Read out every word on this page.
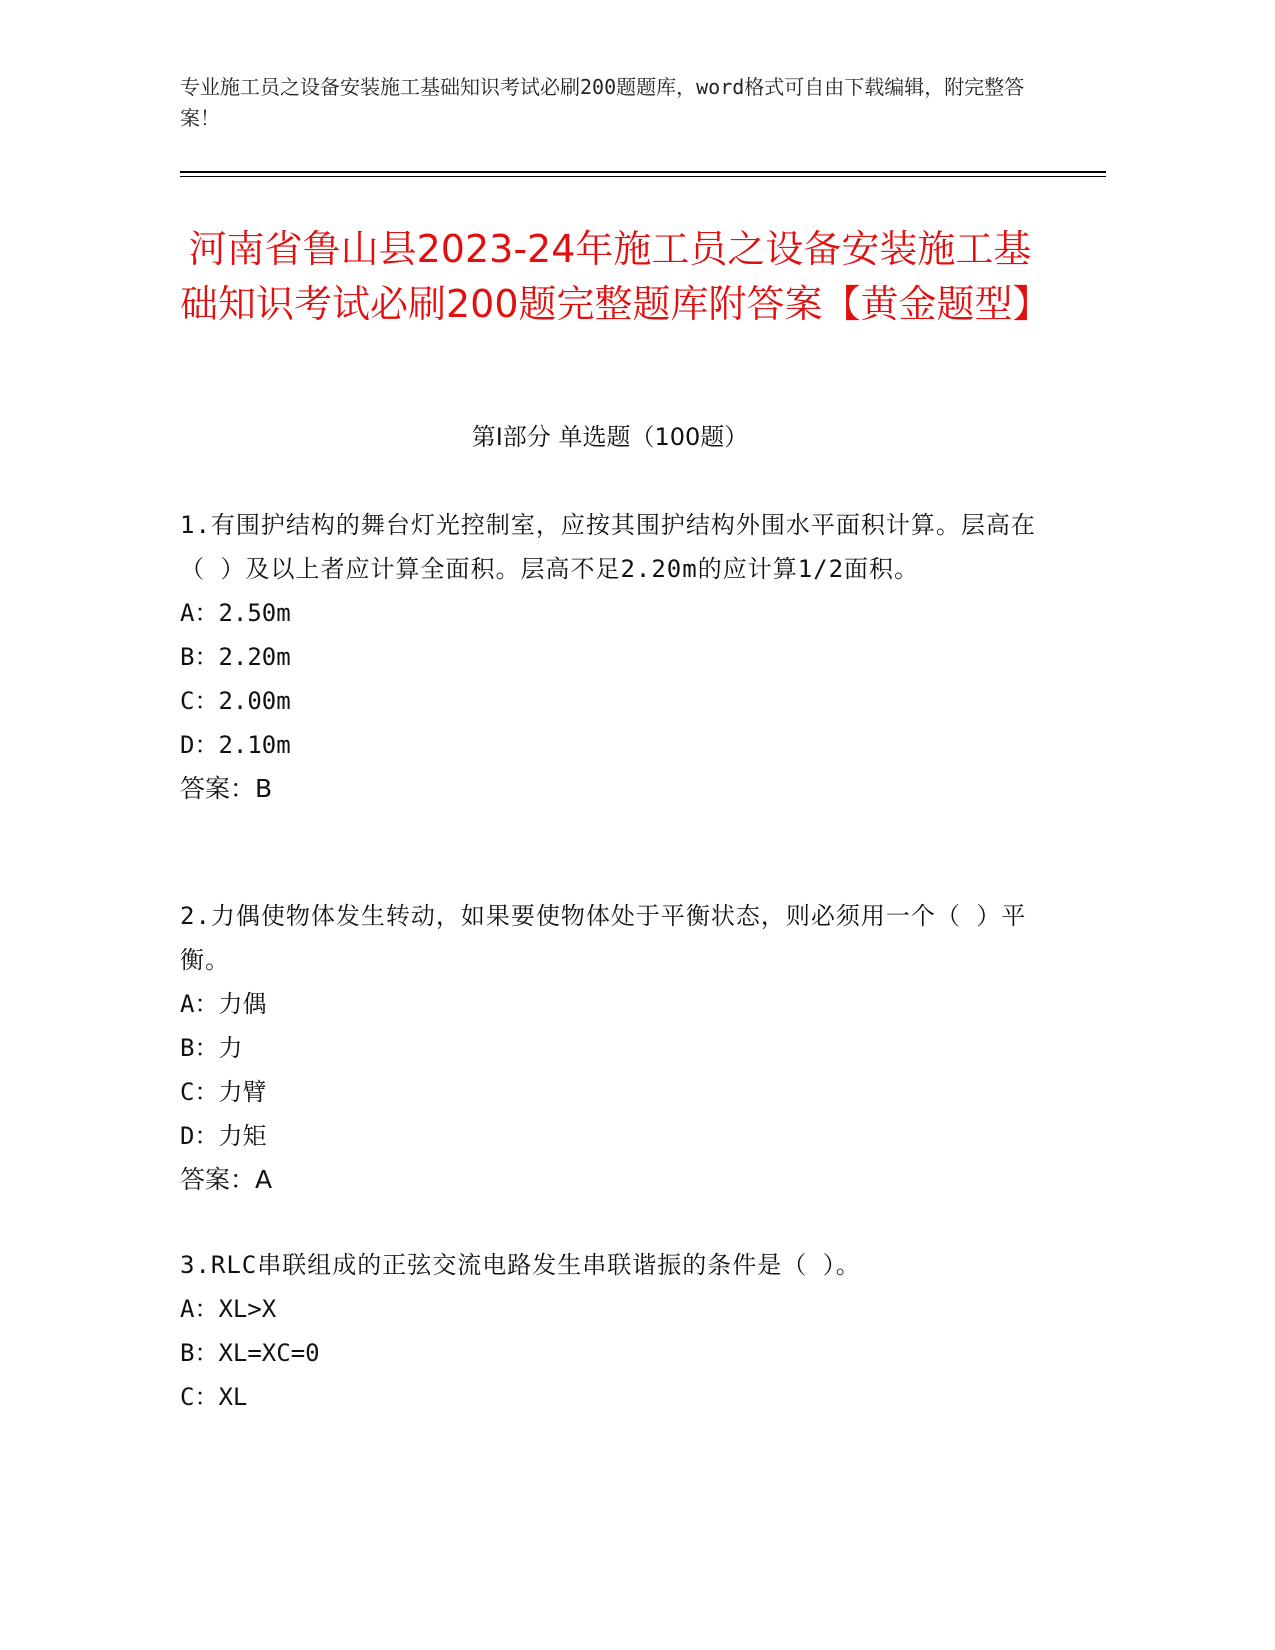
专业施工员之设备安装施工基础知识考试必刷200题题库，word格式可自由下载编辑，附完整答案！

河南省鲁山县2023-24年施工员之设备安装施工基础知识考试必刷200题完整题库附答案【黄金题型】
第Ⅰ部分 单选题（100题）

1.有围护结构的舞台灯光控制室，应按其围护结构外围水平面积计算。层高在（ ）及以上者应计算全面积。层高不足2.20m的应计算1/2面积。

A：2.50m

B：2.20m

C：2.00m

D：2.10m

答案：B

2.力偶使物体发生转动，如果要使物体处于平衡状态，则必须用一个（ ）平衡。

A：力偶

B：力

C：力臂

D：力矩

答案：A

3.RLC串联组成的正弦交流电路发生串联谐振的条件是（ ）。

A：XL>X

B：XL=XC=0

C：XL
